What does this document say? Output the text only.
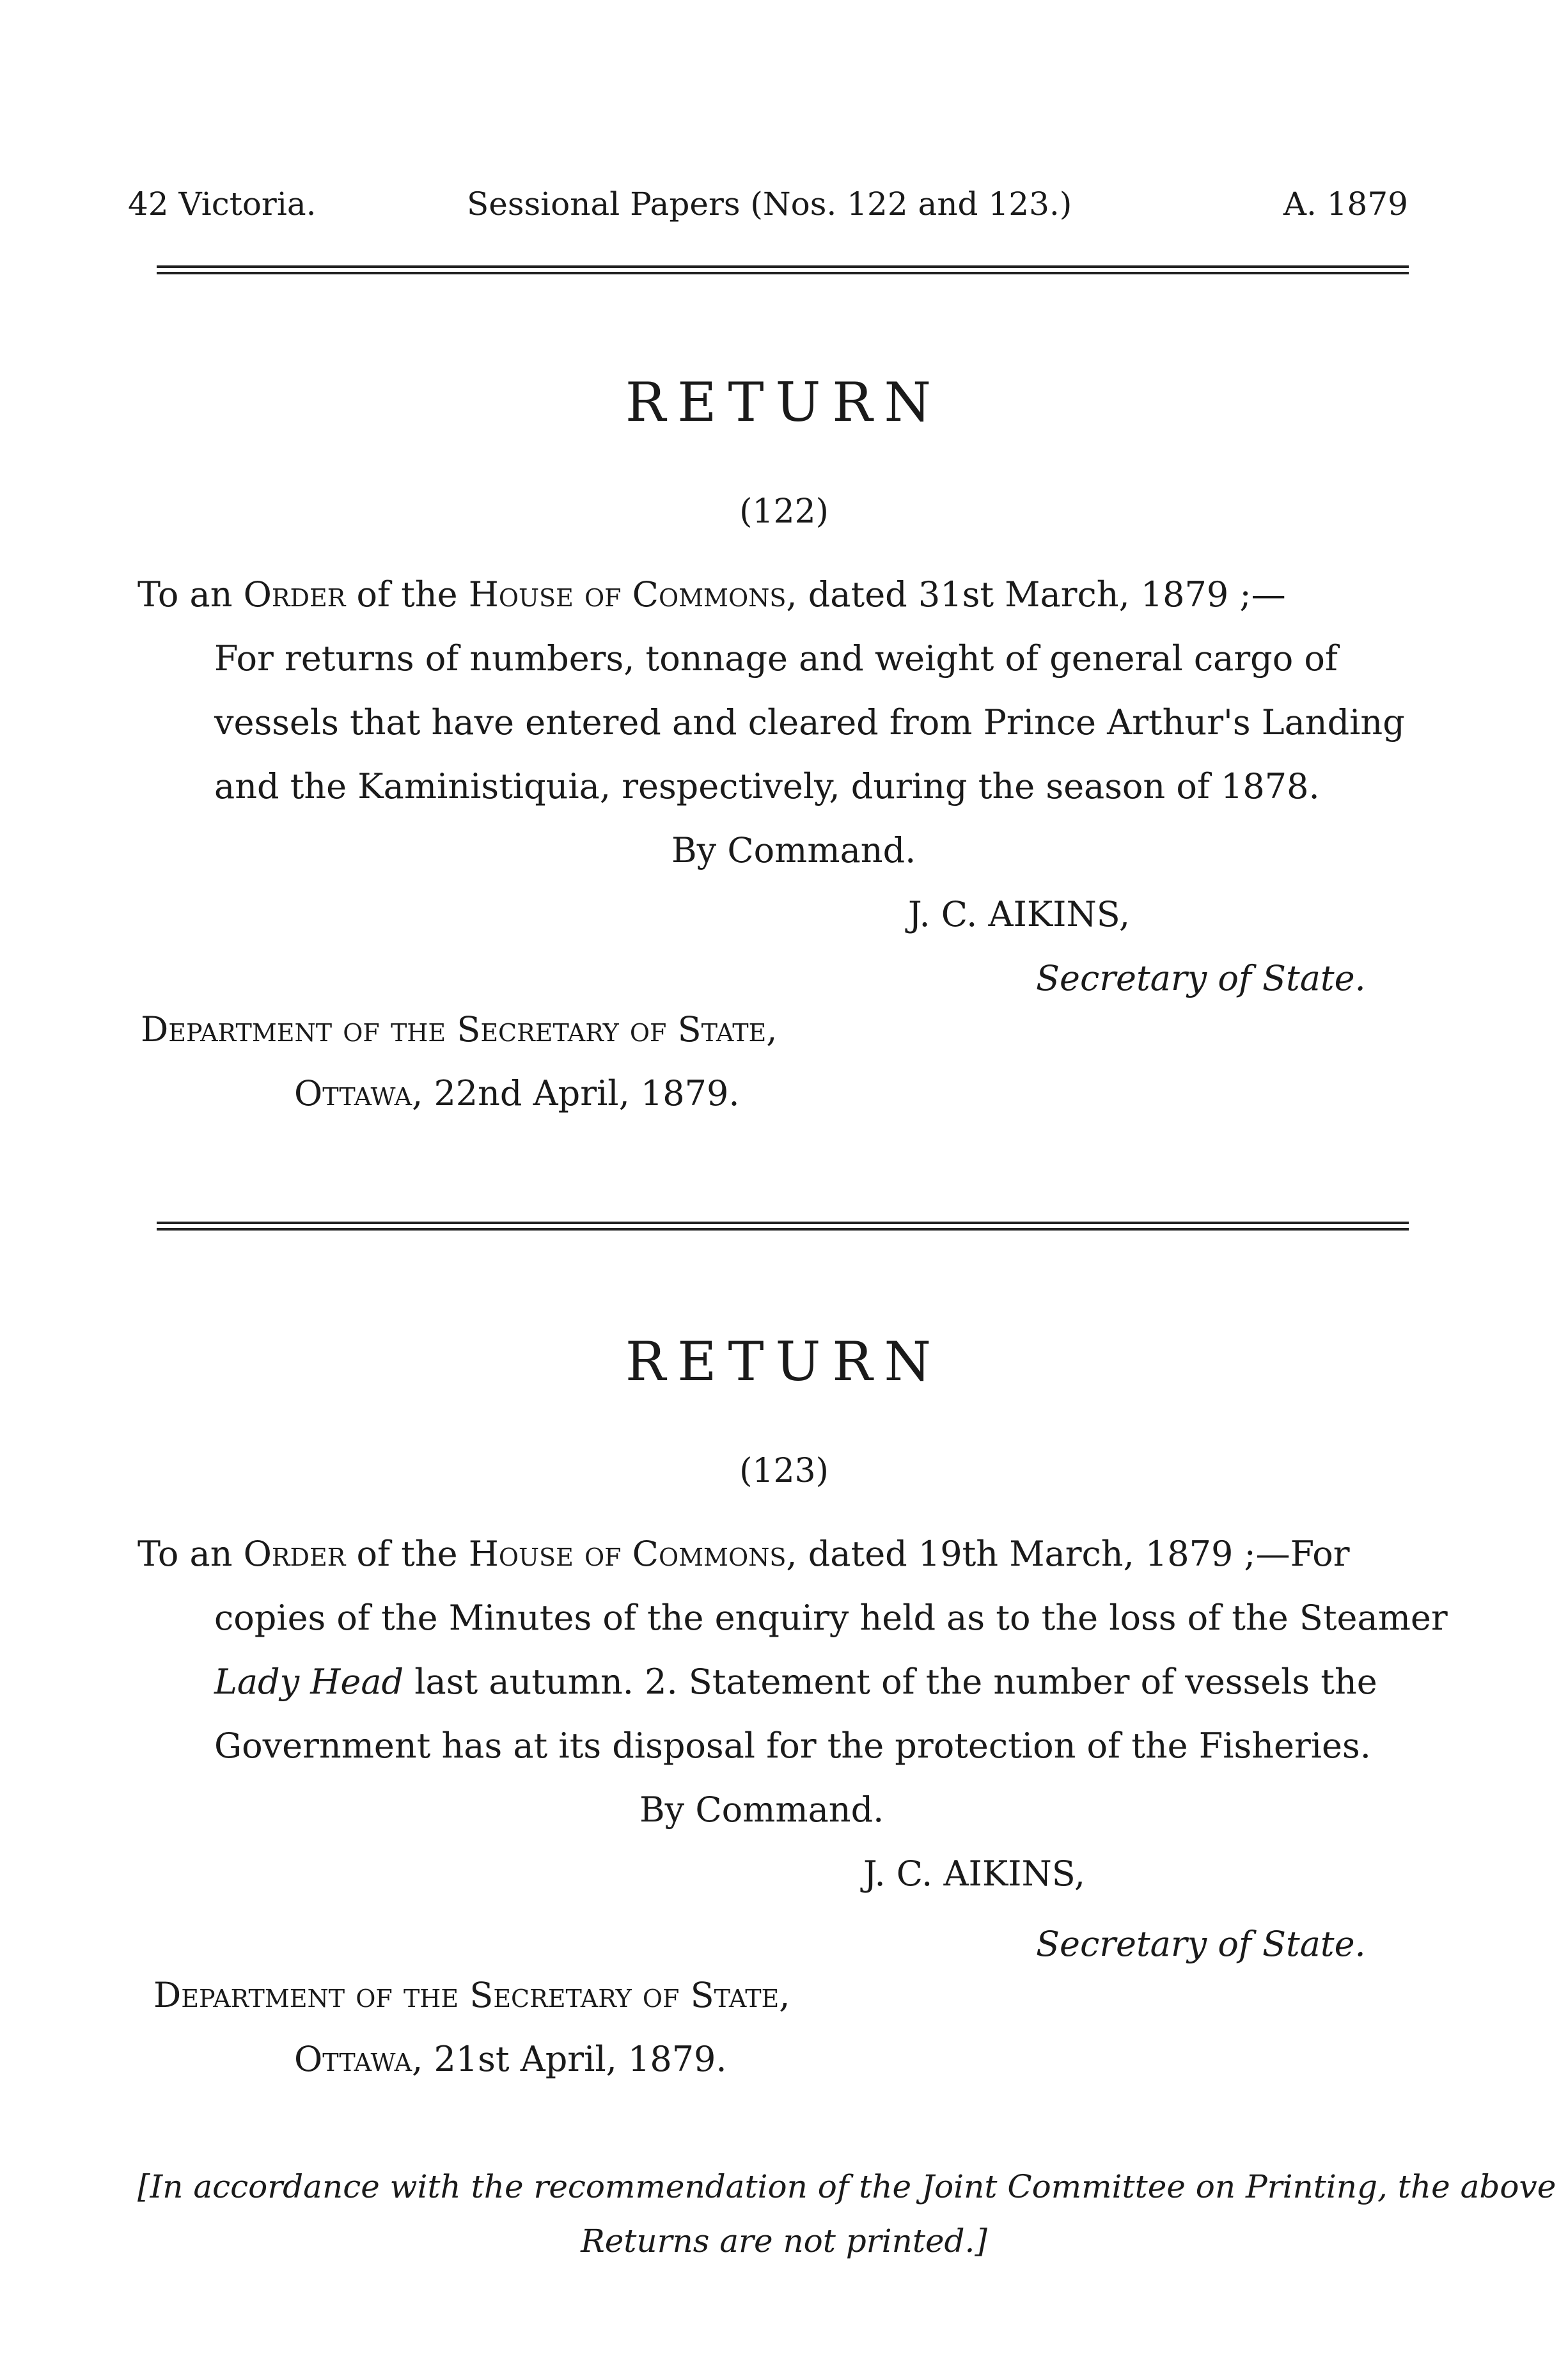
42 Victoria.	Sessional Papers (Nos. 122 and 123.)	A. 1879
RETURN
(122)
To an Order of the House of Commons, dated 31st March, 1879 ;—
For returns of numbers, tonnage and weight of general cargo of
vessels that have entered and cleared from Prince Arthur's Landing
and the Kaministiquia, respectively, during the season of 1878.
By Command.
J. C. AIKINS,
Secretary of State.
Department of the Secretary of State,
Ottawa, 22nd April, 1879.
RETURN
(123)
To an Order of the House of Commons, dated 19th March, 1879 ;—For
copies of the Minutes of the enquiry held as to the loss of the Steamer
Lady Head last autumn. 2. Statement of the number of vessels the
Government has at its disposal for the protection of the Fisheries.
By Command.
J. C. AIKINS,
Secretary of State.
Department of the Secretary of State,
Ottawa, 21st April, 1879.
[In accordance with the recommendation of the Joint Committee on Printing, the above
Returns are not printed.]
